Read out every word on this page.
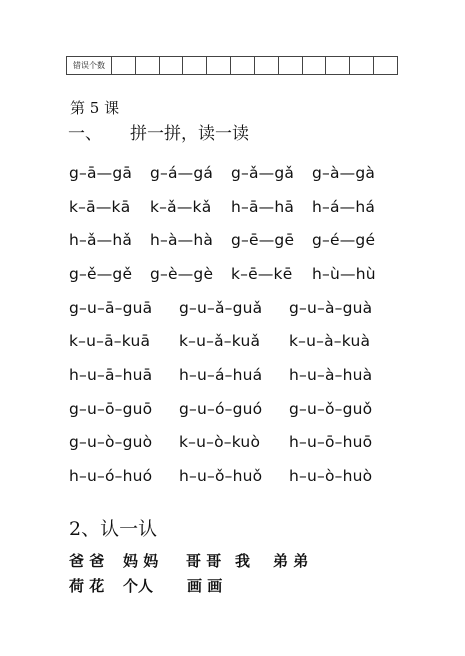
错误个数
第 5 课
一、	拼一拼，读一读
g–ā—gā	g–á—gá	g–ǎ—gǎ	g–à—gà
k–ā—kā	k–ǎ—kǎ	h–ā—hā	h–á—há
h–ǎ—hǎ	h–à—hà	g–ē—gē	g–é—gé
g–ě—gě	g–è—gè	k–ē—kē	h–ù—hù
g–u–ā–guā	g–u–ǎ–guǎ	g–u–à–guà
k–u–ā–kuā	k–u–ǎ–kuǎ	k–u–à–kuà
h–u–ā–huā	h–u–á–huá	h–u–à–huà
g–u–ō–guō	g–u–ó–guó	g–u–ǒ–guǒ
g–u–ò–guò	k–u–ò–kuò	h–u–ō–huō
h–u–ó–huó	h–u–ǒ–huǒ	h–u–ò–huò
2、认一认
爸 爸 妈 妈 哥 哥 我 弟 弟
荷 花 个人 画 画
